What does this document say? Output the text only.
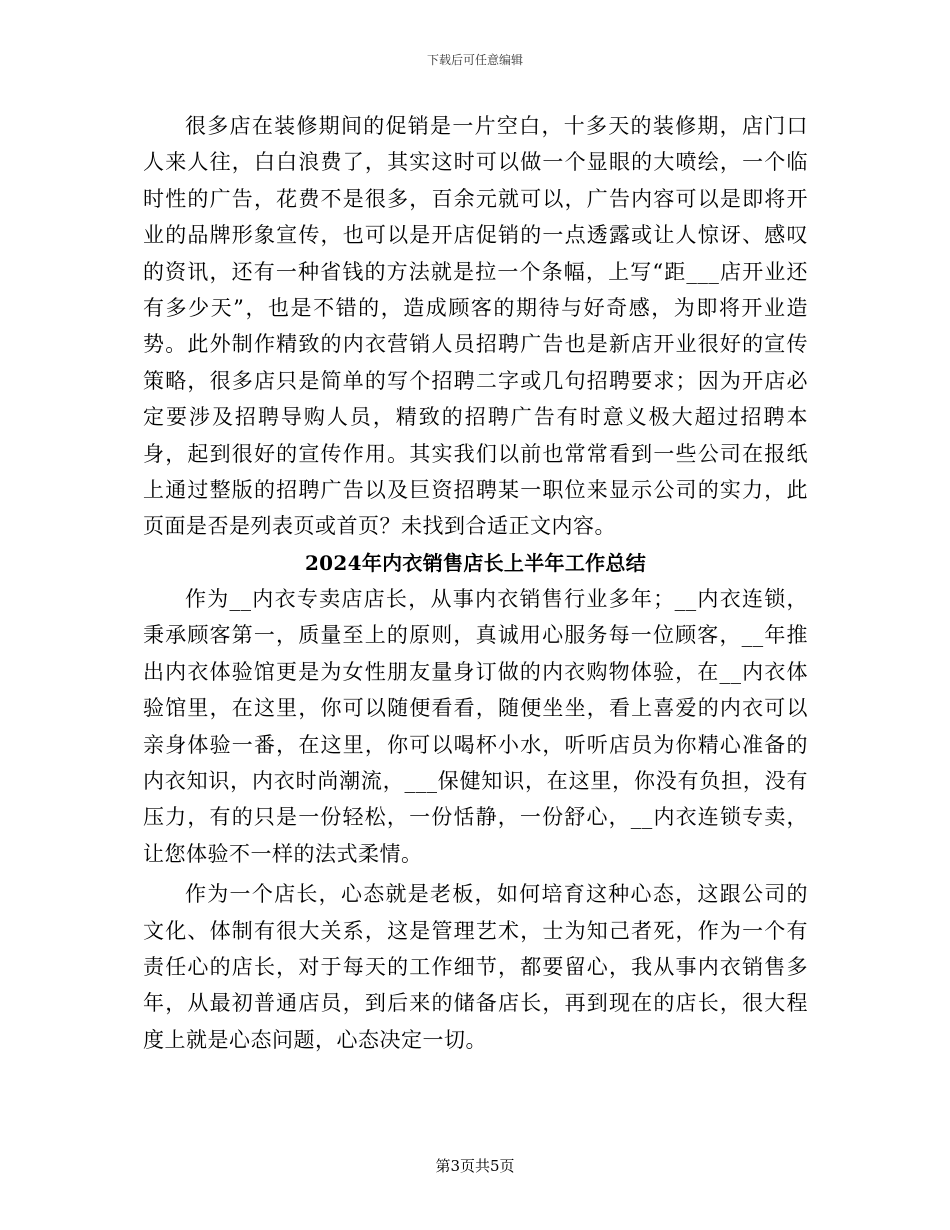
下载后可任意编辑

很多店在装修期间的促销是一片空白，十多天的装修期，店门口人来人往，白白浪费了，其实这时可以做一个显眼的大喷绘，一个临时性的广告，花费不是很多，百余元就可以，广告内容可以是即将开业的品牌形象宣传，也可以是开店促销的一点透露或让人惊讶、感叹的资讯，还有一种省钱的方法就是拉一个条幅，上写“距___店开业还有多少天”，也是不错的，造成顾客的期待与好奇感，为即将开业造势。此外制作精致的内衣营销人员招聘广告也是新店开业很好的宣传策略，很多店只是简单的写个招聘二字或几句招聘要求；因为开店必定要涉及招聘导购人员，精致的招聘广告有时意义极大超过招聘本身，起到很好的宣传作用。其实我们以前也常常看到一些公司在报纸上通过整版的招聘广告以及巨资招聘某一职位来显示公司的实力，此页面是否是列表页或首页？未找到合适正文内容。

2024年内衣销售店长上半年工作总结

作为__内衣专卖店店长，从事内衣销售行业多年；__内衣连锁，秉承顾客第一，质量至上的原则，真诚用心服务每一位顾客，__年推出内衣体验馆更是为女性朋友量身订做的内衣购物体验，在__内衣体验馆里，在这里，你可以随便看看，随便坐坐，看上喜爱的内衣可以亲身体验一番，在这里，你可以喝杯小水，听听店员为你精心准备的内衣知识，内衣时尚潮流，___保健知识，在这里，你没有负担，没有压力，有的只是一份轻松，一份恬静，一份舒心，__内衣连锁专卖，让您体验不一样的法式柔情。

作为一个店长，心态就是老板，如何培育这种心态，这跟公司的文化、体制有很大关系，这是管理艺术，士为知己者死，作为一个有责任心的店长，对于每天的工作细节，都要留心，我从事内衣销售多年，从最初普通店员，到后来的储备店长，再到现在的店长，很大程度上就是心态问题，心态决定一切。

第3页共5页
